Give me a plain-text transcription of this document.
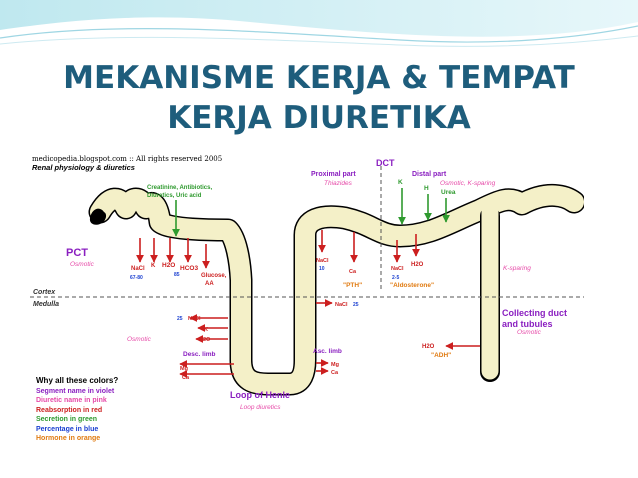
MEKANISME KERJA & TEMPAT
KERJA DIURETIKA
Cortex
Medulla
PCT
DCT
Proximal part	Distal part
Loop of Henle
Desc. limb	Asc. limb
Collecting duct
and tubules
Osmotic
Thiazides	Osmotic, K-sparing
K-sparing
Osmotic
Loop diuretics
Osmotic
Creatinine, Antibiotics,
Diuretics, Uric acid
K
H
Urea
NaCl K H2O HCO3
Glucose,
AA
NaCl
Ca	NaCl
H2O
NaCl
K
H2O
Mg
Ca
NaCl
Mg
Ca
H2O
67-80	85
10
2-5
25
25
"PTH"	"Aldosterone"
"ADH"
medicopedia.blogspot.com :: All rights reserved 2005
Renal physiology & diuretics
Why all these colors?
Segment name in violet
Diuretic name in pink
Reabsorption in red
Secretion in green
Percentage in blue
Hormone in orange
